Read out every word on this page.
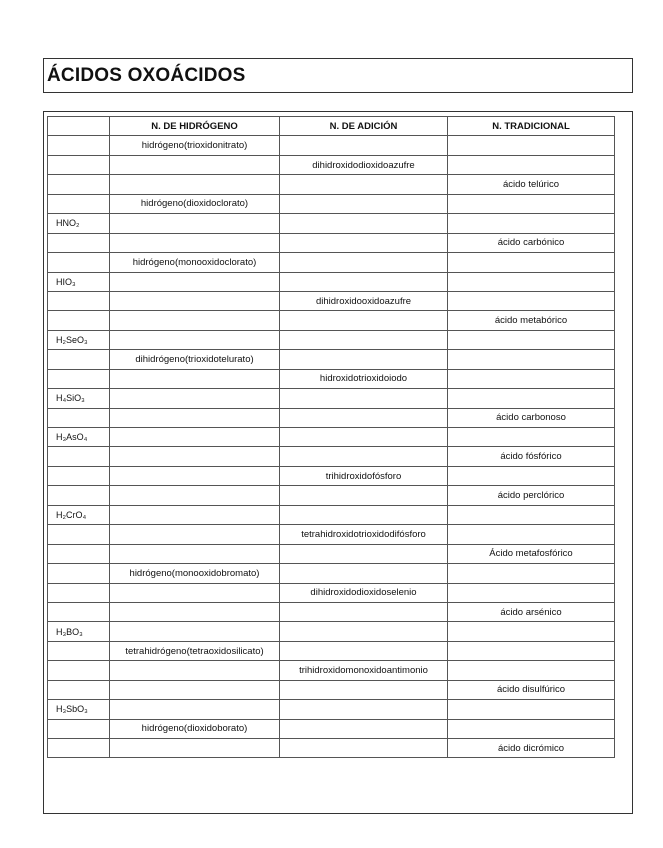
ÁCIDOS OXOÁCIDOS
	N. DE HIDRÓGENO	N. DE ADICIÓN	N. TRADICIONAL
	hidrógeno(trioxidonitrato)		
		dihidroxidodioxidoazufre	
			ácido telúrico
	hidrógeno(dioxidoclorato)		
HNO₂			
			ácido carbónico
	hidrógeno(monooxidoclorato)		
HIO₃			
		dihidroxidooxidoazufre	
			ácido metabórico
H₂SeO₃			
	dihidrógeno(trioxidotelurato)		
		hidroxidotrioxidoiodo	
H₄SiO₃			
			ácido carbonoso
H₃AsO₄			
			ácido fósfórico
		trihidroxidofósforo	
			ácido perclórico
H₂CrO₄			
		tetrahidroxidotrioxidodifósforo	
			Ácido metafosfórico
	hidrógeno(monooxidobromato)		
		dihidroxidodioxidoselenio	
			ácido arsénico
H₃BO₃			
	tetrahidrógeno(tetraoxidosilicato)		
		trihidroxidomonoxidoantimonio	
			ácido disulfúrico
H₃SbO₃			
	hidrógeno(dioxidoborato)		
			ácido dicrómico
